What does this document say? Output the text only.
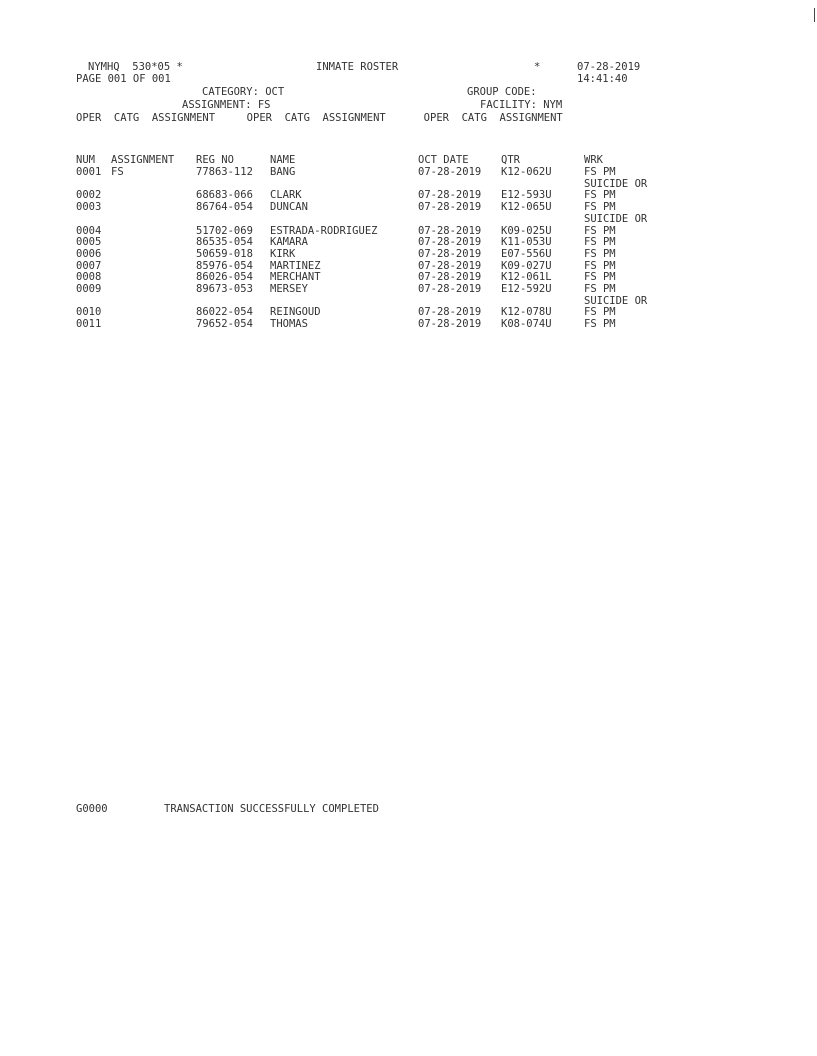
NYMHQ  530*05 *	INMATE ROSTER	*	07-28-2019
PAGE 001 OF 001	14:41:40
CATEGORY: OCT	GROUP CODE:
ASSIGNMENT: FS	FACILITY: NYM
OPER  CATG  ASSIGNMENT     OPER  CATG  ASSIGNMENT      OPER  CATG  ASSIGNMENT
NUM ASSIGNMENT REG NO	NAME	OCT DATE	QTR	WRK
0001 FS	77863-112 BANG	07-28-2019 K12-062U	FS PM
SUICIDE OR
0002	68683-066 CLARK	07-28-2019 E12-593U	FS PM
0003	86764-054 DUNCAN	07-28-2019 K12-065U	FS PM
SUICIDE OR
0004	51702-069 ESTRADA-RODRIGUEZ	07-28-2019 K09-025U	FS PM
0005	86535-054 KAMARA	07-28-2019 K11-053U	FS PM
0006	50659-018 KIRK	07-28-2019 E07-556U	FS PM
0007	85976-054 MARTINEZ	07-28-2019 K09-027U	FS PM
0008	86026-054 MERCHANT	07-28-2019 K12-061L	FS PM
0009	89673-053 MERSEY	07-28-2019 E12-592U	FS PM
SUICIDE OR
0010	86022-054 REINGOUD	07-28-2019 K12-078U	FS PM
0011	79652-054 THOMAS	07-28-2019 K08-074U	FS PM
G0000	TRANSACTION SUCCESSFULLY COMPLETED
